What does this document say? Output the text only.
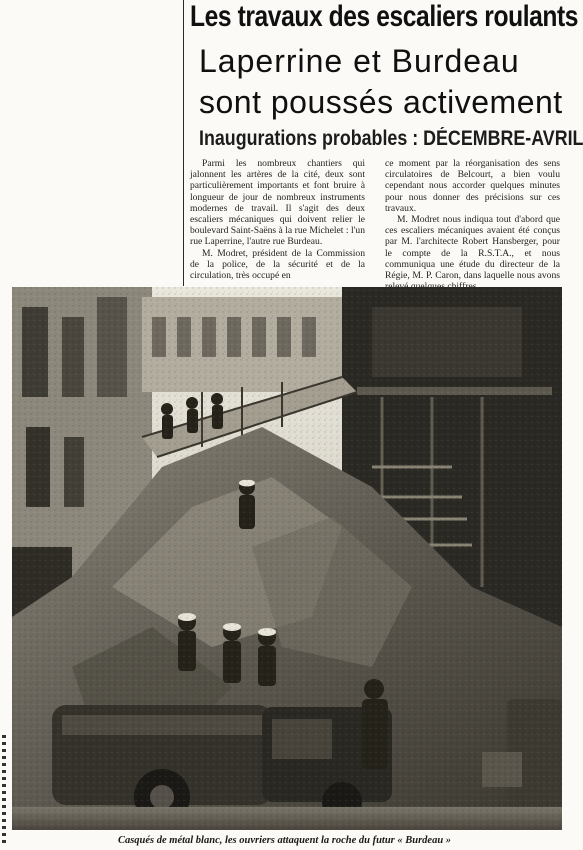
Les travaux des escaliers roulants
Laperrine et Burdeau
sont poussés activement
Inaugurations probables : DÉCEMBRE-AVRIL

Parmi les nombreux chantiers qui jalonnent les artères de la cité, deux sont particulièrement importants et font bruire à longueur de jour de nombreux instruments modernes de travail. Il s'agit des deux escaliers mécaniques qui doivent relier le boulevard Saint-Saëns à la rue Michelet : l'un rue Laperrine, l'autre rue Burdeau.

M. Modret, président de la Commission de la police, de la sécurité et de la circulation, très occupé en

ce moment par la réorganisation des sens circulatoires de Belcourt, a bien voulu cependant nous accorder quelques minutes pour nous donner des précisions sur ces travaux.

M. Modret nous indiqua tout d'abord que ces escaliers mécaniques avaient été conçus par M. l'architecte Robert Hansberger, pour le compte de la R.S.T.A., et nous communiqua une étude du directeur de la Régie, M. P. Caron, dans laquelle nous avons

Casqués de métal blanc, les ouvriers attaquent la roche du futur « Burdeau »
